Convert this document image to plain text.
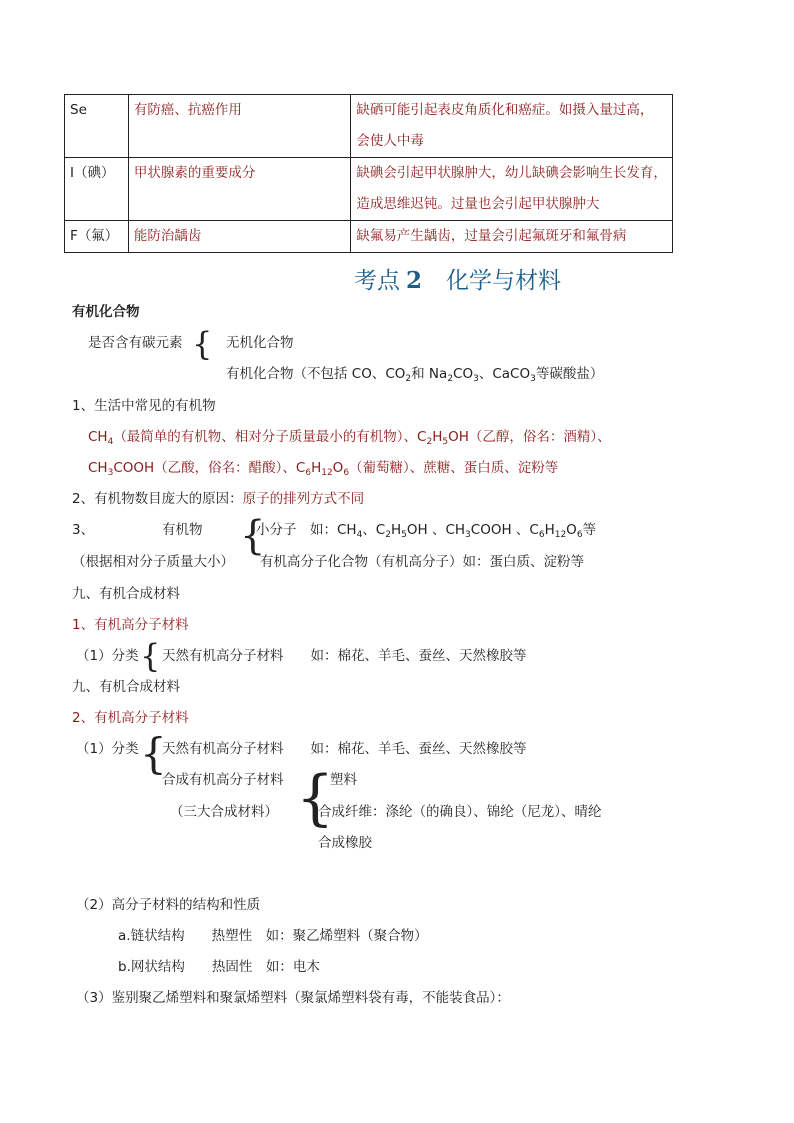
Se	有防癌、抗癌作用	缺硒可能引起表皮角质化和癌症。如摄入量过高，
会使人中毒
I（碘）	甲状腺素的重要成分	缺碘会引起甲状腺肿大，幼儿缺碘会影响生长发育，
造成思维迟钝。过量也会引起甲状腺肿大
F（氟）	能防治龋齿	缺氟易产生龋齿，过量会引起氟斑牙和氟骨病
考点 2 化学与材料
有机化合物
是否含有碳元素 { 无机化合物
有机化合物（不包括 CO、$CO_2$和 $Na_2CO_3$、CaCO$_3$等碳酸盐）
1、生活中常见的有机物
$CH_4$（最简单的有机物、相对分子质量最小的有机物）、$C_2H_5OH$（乙醇，俗名：酒精）、
$CH_3COOH$（乙酸，俗名：醋酸）、$C_6H_{12}O_6$（葡萄糖）、蔗糖、蛋白质、淀粉等
2、有机物数目庞大的原因：原子的排列方式不同
3、	有机物
（根据相对分子质量大小）
{
小分子　如：$CH_4$、$C_2H_5OH$ 、$CH_3COOH$ 、$C_6H_{12}O_6$等
有机高分子化合物（有机高分子）如：蛋白质、淀粉等
九、有机合成材料
1、有机高分子材料
（1）分类 { 天然有机高分子材料　　如：棉花、羊毛、蚕丝、天然橡胶等
九、有机合成材料
2、有机高分子材料
（1）分类 {
天然有机高分子材料　　如：棉花、羊毛、蚕丝、天然橡胶等
合成有机高分子材料
（三大合成材料） {
塑料
合成纤维：涤纶（的确良）、锦纶（尼龙）、晴纶
合成橡胶
（2）高分子材料的结构和性质
a.链状结构　　热塑性　如：聚乙烯塑料（聚合物）
b.网状结构　　热固性　如：电木
（3）鉴别聚乙烯塑料和聚氯烯塑料（聚氯烯塑料袋有毒，不能装食品）：
